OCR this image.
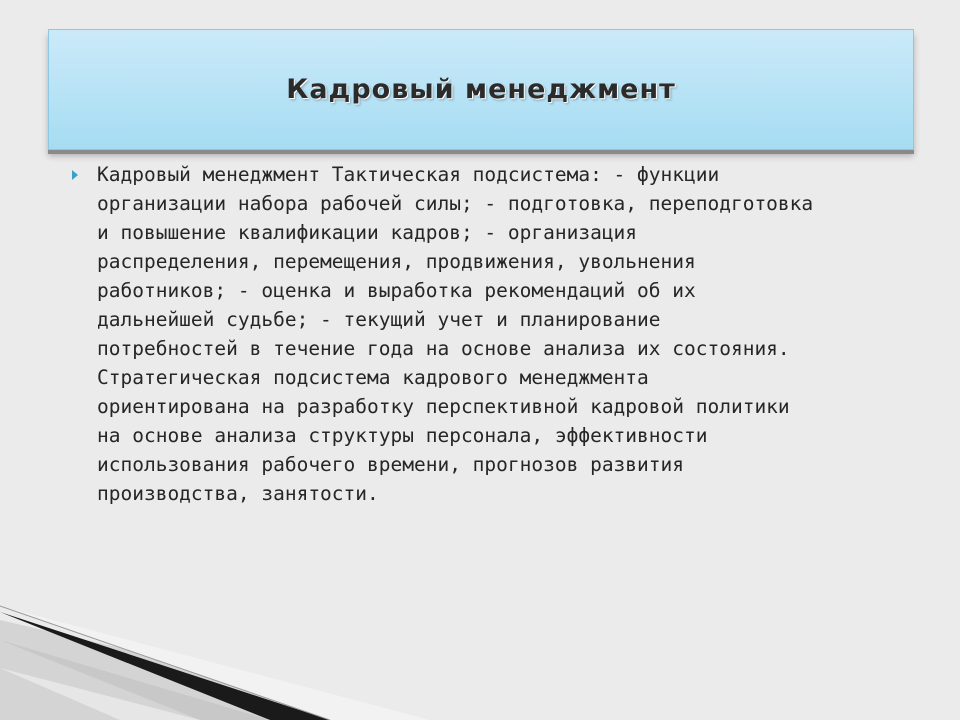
Кадровый менеджмент
Кадровый менеджмент Тактическая подсистема: - функции
организации набора рабочей силы; - подготовка, переподготовка
и повышение квалификации кадров; - организация
распределения, перемещения, продвижения, увольнения
работников; - оценка и выработка рекомендаций об их
дальнейшей судьбе; - текущий учет и планирование
потребностей в течение года на основе анализа их состояния.
Стратегическая подсистема кадрового менеджмента
ориентирована на разработку перспективной кадровой политики
на основе анализа структуры персонала, эффективности
использования рабочего времени, прогнозов развития
производства, занятости.
